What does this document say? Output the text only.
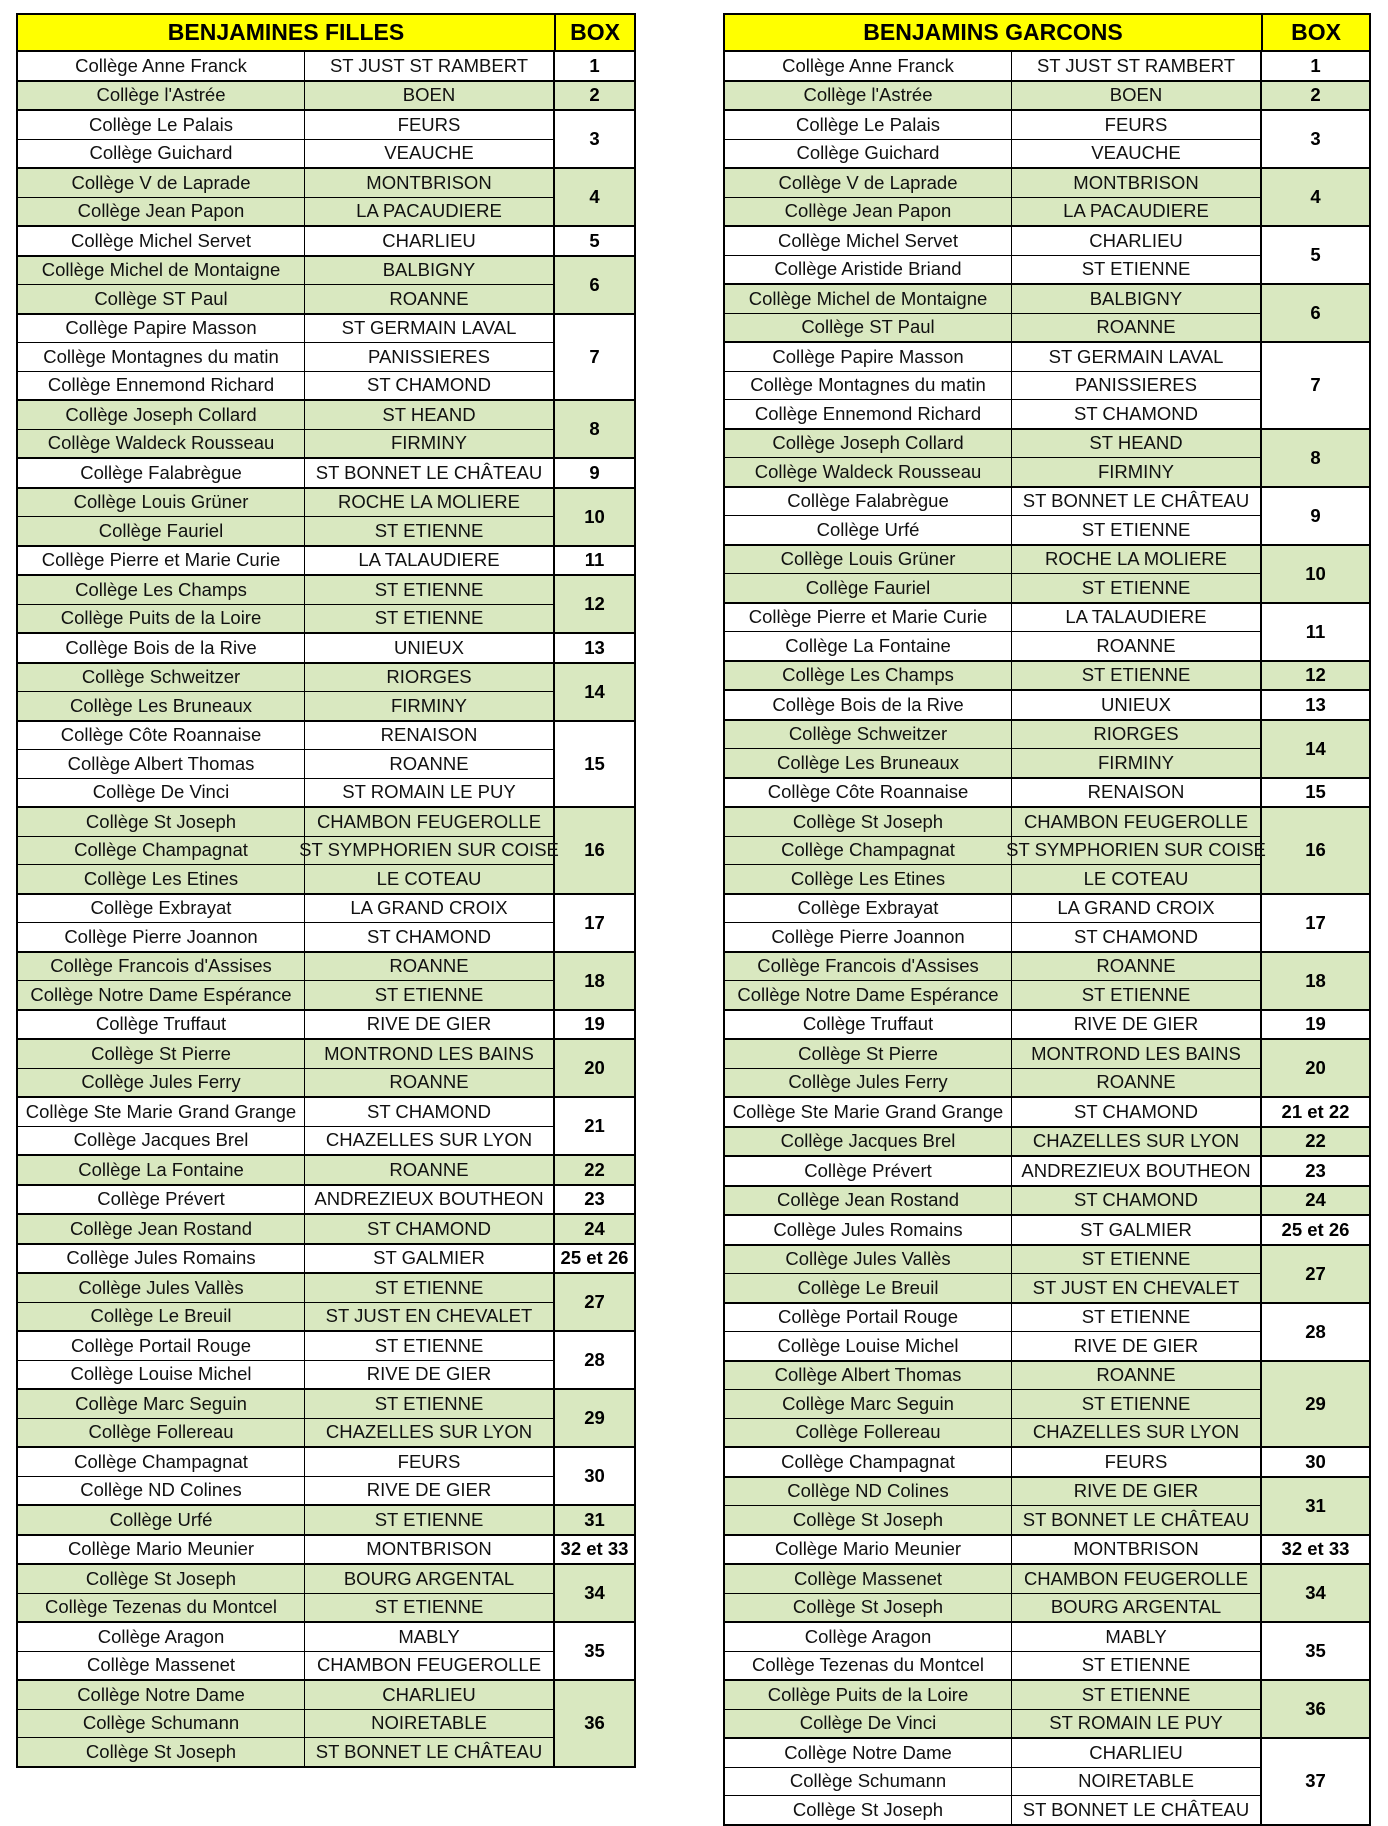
BENJAMINES FILLES	BOX
Collège Anne Franck	ST JUST ST RAMBERT	1
Collège l'Astrée	BOEN	2
Collège Le Palais	FEURS
Collège Guichard	VEAUCHE
3
Collège V de Laprade	MONTBRISON
Collège Jean Papon	LA PACAUDIERE
4
Collège Michel Servet	CHARLIEU	5
Collège Michel de Montaigne	BALBIGNY
Collège ST Paul	ROANNE
6
Collège Papire Masson	ST GERMAIN LAVAL
Collège Montagnes du matin	PANISSIERES
Collège Ennemond Richard	ST CHAMOND
7
Collège Joseph Collard	ST HEAND
Collège Waldeck Rousseau	FIRMINY
8
Collège Falabrègue	ST BONNET LE CHÂTEAU	9
Collège Louis Grüner	ROCHE LA MOLIERE
Collège Fauriel	ST ETIENNE
10
Collège Pierre et Marie Curie	LA TALAUDIERE	11
Collège Les Champs	ST ETIENNE
Collège Puits de la Loire	ST ETIENNE
12
Collège Bois de la Rive	UNIEUX	13
Collège Schweitzer	RIORGES
Collège Les Bruneaux	FIRMINY
14
Collège Côte Roannaise	RENAISON
Collège Albert Thomas	ROANNE
Collège De Vinci	ST ROMAIN LE PUY
15
Collège St Joseph	CHAMBON FEUGEROLLE
Collège Champagnat	ST SYMPHORIEN SUR COISE
Collège Les Etines	LE COTEAU
16
Collège Exbrayat	LA GRAND CROIX
Collège Pierre Joannon	ST CHAMOND
17
Collège Francois d'Assises	ROANNE
Collège Notre Dame Espérance	ST ETIENNE
18
Collège Truffaut	RIVE DE GIER	19
Collège St Pierre	MONTROND LES BAINS
Collège Jules Ferry	ROANNE
20
Collège Ste Marie Grand Grange	ST CHAMOND
Collège Jacques Brel	CHAZELLES SUR LYON
21
Collège La Fontaine	ROANNE	22
Collège Prévert	ANDREZIEUX BOUTHEON	23
Collège Jean Rostand	ST CHAMOND	24
Collège Jules Romains	ST GALMIER	25 et 26
Collège Jules Vallès	ST ETIENNE
Collège Le Breuil	ST JUST EN CHEVALET
27
Collège Portail Rouge	ST ETIENNE
Collège Louise Michel	RIVE DE GIER
28
Collège Marc Seguin	ST ETIENNE
Collège Follereau	CHAZELLES SUR LYON
29
Collège Champagnat	FEURS
Collège ND Colines	RIVE DE GIER
30
Collège Urfé	ST ETIENNE	31
Collège Mario Meunier	MONTBRISON	32 et 33
Collège St Joseph	BOURG ARGENTAL
Collège Tezenas du Montcel	ST ETIENNE
34
Collège Aragon	MABLY
Collège Massenet	CHAMBON FEUGEROLLE
35
Collège Notre Dame	CHARLIEU
Collège Schumann	NOIRETABLE
Collège St Joseph	ST BONNET LE CHÂTEAU
36
BENJAMINS GARCONS	BOX
Collège Anne Franck	ST JUST ST RAMBERT	1
Collège l'Astrée	BOEN	2
Collège Le Palais	FEURS
Collège Guichard	VEAUCHE
3
Collège V de Laprade	MONTBRISON
Collège Jean Papon	LA PACAUDIERE
4
Collège Michel Servet	CHARLIEU
Collège Aristide Briand	ST ETIENNE
5
Collège Michel de Montaigne	BALBIGNY
Collège ST Paul	ROANNE
6
Collège Papire Masson	ST GERMAIN LAVAL
Collège Montagnes du matin	PANISSIERES
Collège Ennemond Richard	ST CHAMOND
7
Collège Joseph Collard	ST HEAND
Collège Waldeck Rousseau	FIRMINY
8
Collège Falabrègue	ST BONNET LE CHÂTEAU
Collège Urfé	ST ETIENNE
9
Collège Louis Grüner	ROCHE LA MOLIERE
Collège Fauriel	ST ETIENNE
10
Collège Pierre et Marie Curie	LA TALAUDIERE
Collège La Fontaine	ROANNE
11
Collège Les Champs	ST ETIENNE	12
Collège Bois de la Rive	UNIEUX	13
Collège Schweitzer	RIORGES
Collège Les Bruneaux	FIRMINY
14
Collège Côte Roannaise	RENAISON	15
Collège St Joseph	CHAMBON FEUGEROLLE
Collège Champagnat	ST SYMPHORIEN SUR COISE
Collège Les Etines	LE COTEAU
16
Collège Exbrayat	LA GRAND CROIX
Collège Pierre Joannon	ST CHAMOND
17
Collège Francois d'Assises	ROANNE
Collège Notre Dame Espérance	ST ETIENNE
18
Collège Truffaut	RIVE DE GIER	19
Collège St Pierre	MONTROND LES BAINS
Collège Jules Ferry	ROANNE
20
Collège Ste Marie Grand Grange	ST CHAMOND	21 et 22
Collège Jacques Brel	CHAZELLES SUR LYON	22
Collège Prévert	ANDREZIEUX BOUTHEON	23
Collège Jean Rostand	ST CHAMOND	24
Collège Jules Romains	ST GALMIER	25 et 26
Collège Jules Vallès	ST ETIENNE
Collège Le Breuil	ST JUST EN CHEVALET
27
Collège Portail Rouge	ST ETIENNE
Collège Louise Michel	RIVE DE GIER
28
Collège Albert Thomas	ROANNE
Collège Marc Seguin	ST ETIENNE
Collège Follereau	CHAZELLES SUR LYON
29
Collège Champagnat	FEURS	30
Collège ND Colines	RIVE DE GIER
Collège St Joseph	ST BONNET LE CHÂTEAU
31
Collège Mario Meunier	MONTBRISON	32 et 33
Collège Massenet	CHAMBON FEUGEROLLE
Collège St Joseph	BOURG ARGENTAL
34
Collège Aragon	MABLY
Collège Tezenas du Montcel	ST ETIENNE
35
Collège Puits de la Loire	ST ETIENNE
Collège De Vinci	ST ROMAIN LE PUY
36
Collège Notre Dame	CHARLIEU
Collège Schumann	NOIRETABLE
Collège St Joseph	ST BONNET LE CHÂTEAU
37
